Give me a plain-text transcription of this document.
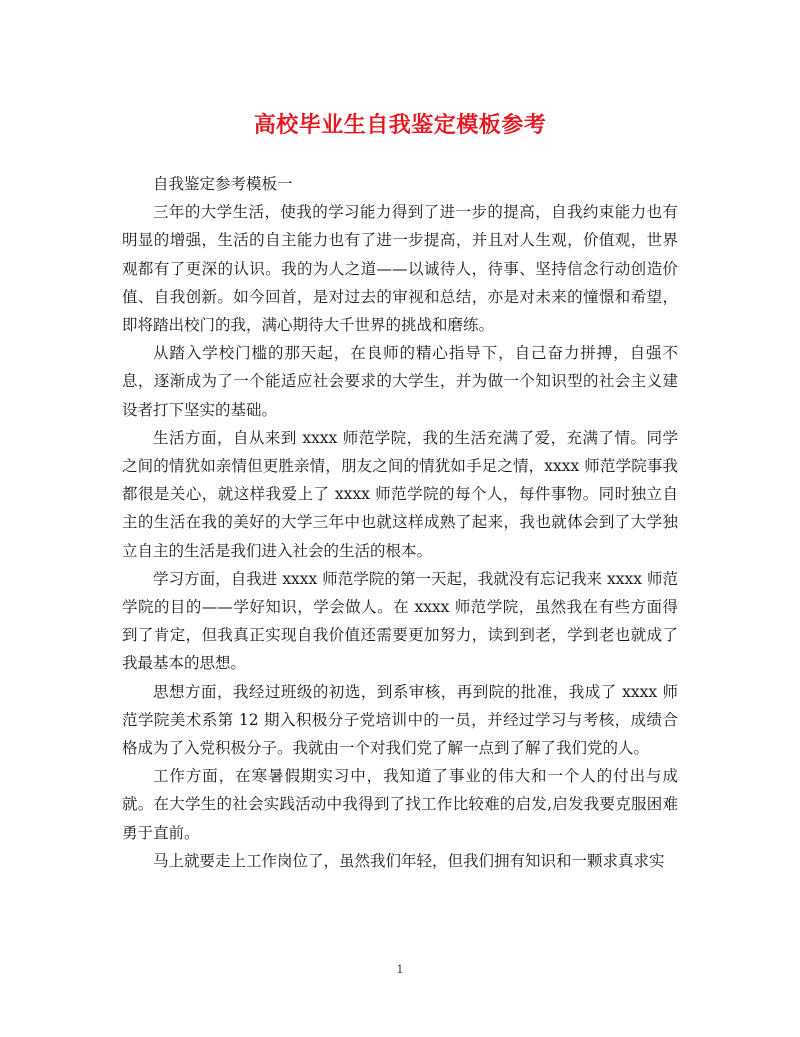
高校毕业生自我鉴定模板参考

自我鉴定参考模板一

三年的大学生活，使我的学习能力得到了进一步的提高，自我约束能力也有明显的增强，生活的自主能力也有了进一步提高，并且对人生观，价值观，世界观都有了更深的认识。我的为人之道——以诚待人，待事、坚持信念行动创造价值、自我创新。如今回首，是对过去的审视和总结，亦是对未来的憧憬和希望，即将踏出校门的我，满心期待大千世界的挑战和磨练。

从踏入学校门槛的那天起，在良师的精心指导下，自己奋力拼搏，自强不息，逐渐成为了一个能适应社会要求的大学生，并为做一个知识型的社会主义建设者打下坚实的基础。

生活方面，自从来到 xxxx 师范学院，我的生活充满了爱，充满了情。同学之间的情犹如亲情但更胜亲情，朋友之间的情犹如手足之情，xxxx 师范学院事我都很是关心，就这样我爱上了 xxxx 师范学院的每个人，每件事物。同时独立自主的生活在我的美好的大学三年中也就这样成熟了起来，我也就体会到了大学独立自主的生活是我们进入社会的生活的根本。

学习方面，自我进 xxxx 师范学院的第一天起，我就没有忘记我来 xxxx 师范学院的目的——学好知识，学会做人。在 xxxx 师范学院，虽然我在有些方面得到了肯定，但我真正实现自我价值还需要更加努力，读到到老，学到老也就成了我最基本的思想。

思想方面，我经过班级的初选，到系审核，再到院的批准，我成了 xxxx 师范学院美术系第 12 期入积极分子党培训中的一员，并经过学习与考核，成绩合格成为了入党积极分子。我就由一个对我们党了解一点到了解了我们党的人。

工作方面，在寒暑假期实习中，我知道了事业的伟大和一个人的付出与成就。在大学生的社会实践活动中我得到了找工作比较难的启发,启发我要克服困难勇于直前。

马上就要走上工作岗位了，虽然我们年轻，但我们拥有知识和一颗求真求实

1
